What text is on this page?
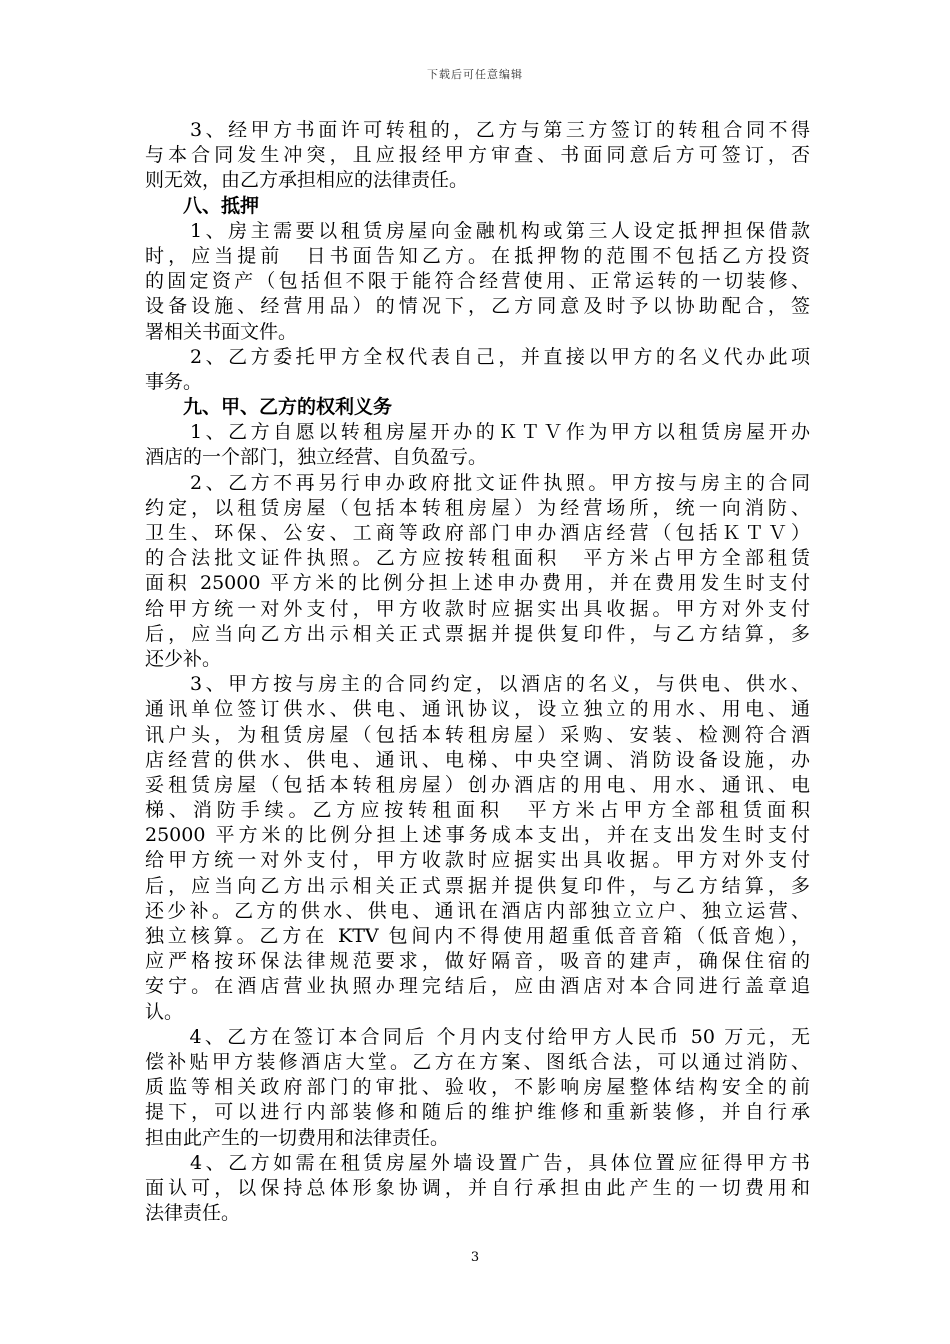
下载后可任意编辑
　　3、经甲方书面许可转租的，乙方与第三方签订的转租合同不得
与本合同发生冲突，且应报经甲方审查、书面同意后方可签订，否
则无效，由乙方承担相应的法律责任。
　　八、抵押
　　1、房主需要以租赁房屋向金融机构或第三人设定抵押担保借款
时，应当提前　日书面告知乙方。在抵押物的范围不包括乙方投资
的固定资产（包括但不限于能符合经营使用、正常运转的一切装修、
设备设施、经营用品）的情况下，乙方同意及时予以协助配合，签
署相关书面文件。
　　2、乙方委托甲方全权代表自己，并直接以甲方的名义代办此项
事务。
　　九、甲、乙方的权利义务
　　1、乙方自愿以转租房屋开办的ＫＴＶ作为甲方以租赁房屋开办
酒店的一个部门，独立经营、自负盈亏。
　　2、乙方不再另行申办政府批文证件执照。甲方按与房主的合同
约定，以租赁房屋（包括本转租房屋）为经营场所，统一向消防、
卫生、环保、公安、工商等政府部门申办酒店经营（包括ＫＴＶ）
的合法批文证件执照。乙方应按转租面积　平方米占甲方全部租赁
面积 25000 平方米的比例分担上述申办费用，并在费用发生时支付
给甲方统一对外支付，甲方收款时应据实出具收据。甲方对外支付
后，应当向乙方出示相关正式票据并提供复印件，与乙方结算，多
还少补。
　　3、甲方按与房主的合同约定，以酒店的名义，与供电、供水、
通讯单位签订供水、供电、通讯协议，设立独立的用水、用电、通
讯户头，为租赁房屋（包括本转租房屋）采购、安装、检测符合酒
店经营的供水、供电、通讯、电梯、中央空调、消防设备设施，办
妥租赁房屋（包括本转租房屋）创办酒店的用电、用水、通讯、电
梯、消防手续。乙方应按转租面积　平方米占甲方全部租赁面积
25000 平方米的比例分担上述事务成本支出，并在支出发生时支付
给甲方统一对外支付，甲方收款时应据实出具收据。甲方对外支付
后，应当向乙方出示相关正式票据并提供复印件，与乙方结算，多
还少补。乙方的供水、供电、通讯在酒店内部独立立户、独立运营、
独立核算。乙方在 KTV 包间内不得使用超重低音音箱（低音炮），
应严格按环保法律规范要求，做好隔音，吸音的建声，确保住宿的
安宁。在酒店营业执照办理完结后，应由酒店对本合同进行盖章追
认。
　　4、乙方在签订本合同后 个月内支付给甲方人民币 50 万元，无
偿补贴甲方装修酒店大堂。乙方在方案、图纸合法，可以通过消防、
质监等相关政府部门的审批、验收，不影响房屋整体结构安全的前
提下，可以进行内部装修和随后的维护维修和重新装修，并自行承
担由此产生的一切费用和法律责任。
　　4、乙方如需在租赁房屋外墙设置广告，具体位置应征得甲方书
面认可，以保持总体形象协调，并自行承担由此产生的一切费用和
法律责任。
3
